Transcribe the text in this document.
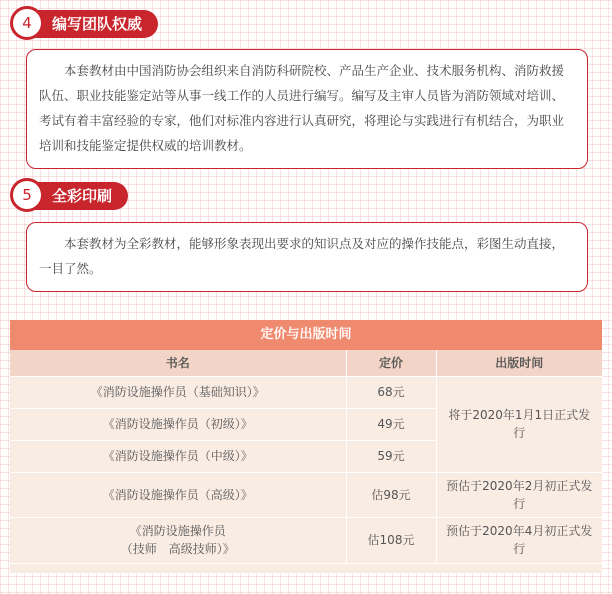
编写团队权威
4

本套教材由中国消防协会组织来自消防科研院校、产品生产企业、技术服务机构、消防救援队伍、职业技能鉴定站等从事一线工作的人员进行编写。编写及主审人员皆为消防领域对培训、考试有着丰富经验的专家，他们对标准内容进行认真研究，将理论与实践进行有机结合，为职业培训和技能鉴定提供权威的培训教材。

全彩印刷
5

本套教材为全彩教材，能够形象表现出要求的知识点及对应的操作技能点，彩图生动直接，一目了然。

定价与出版时间
书名	定价	出版时间
《消防设施操作员（基础知识）》	68元	将于2020年1月1日正式发行
《消防设施操作员（初级）》	49元	
《消防设施操作员（中级）》	59元	
《消防设施操作员（高级）》	估98元	预估于2020年2月初正式发行

《消防设施操作员
（技师　高级技师）》	估108元	预估于2020年4月初正式发行
